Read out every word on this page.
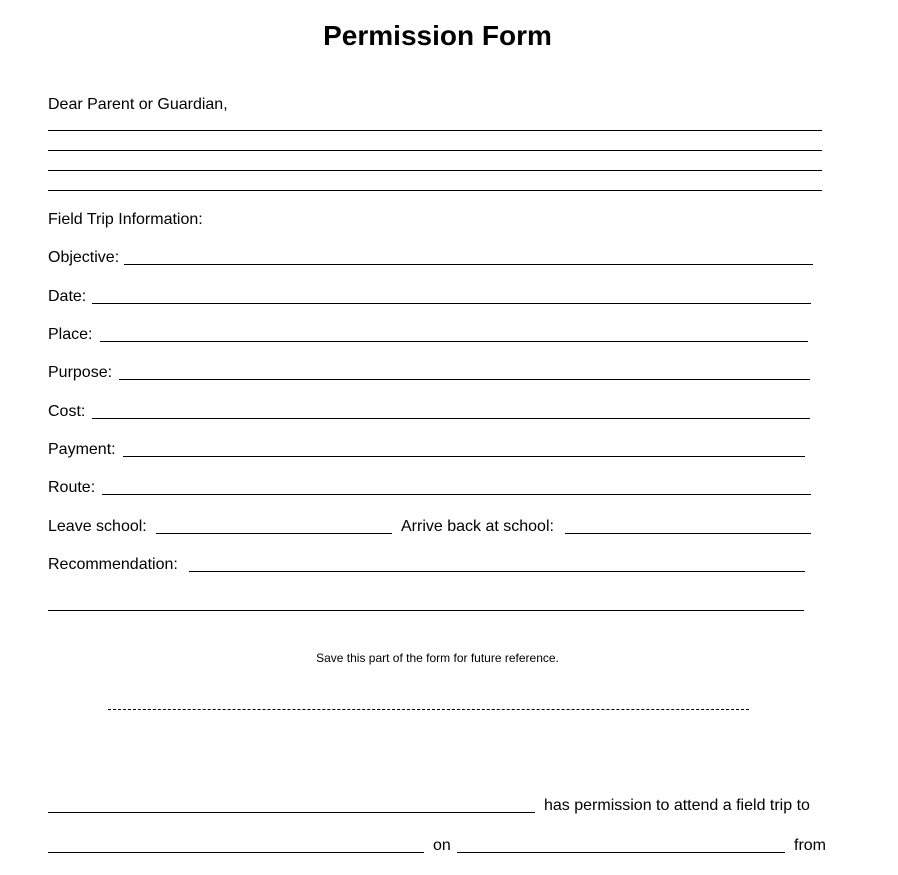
Permission Form
Dear Parent or Guardian,
Field Trip Information:
Objective:
Date:
Place:
Purpose:
Cost:
Payment:
Route:
Leave school:	Arrive back at school:
Recommendation:
Save this part of the form for future reference.
has permission to attend a field trip to
on	from
